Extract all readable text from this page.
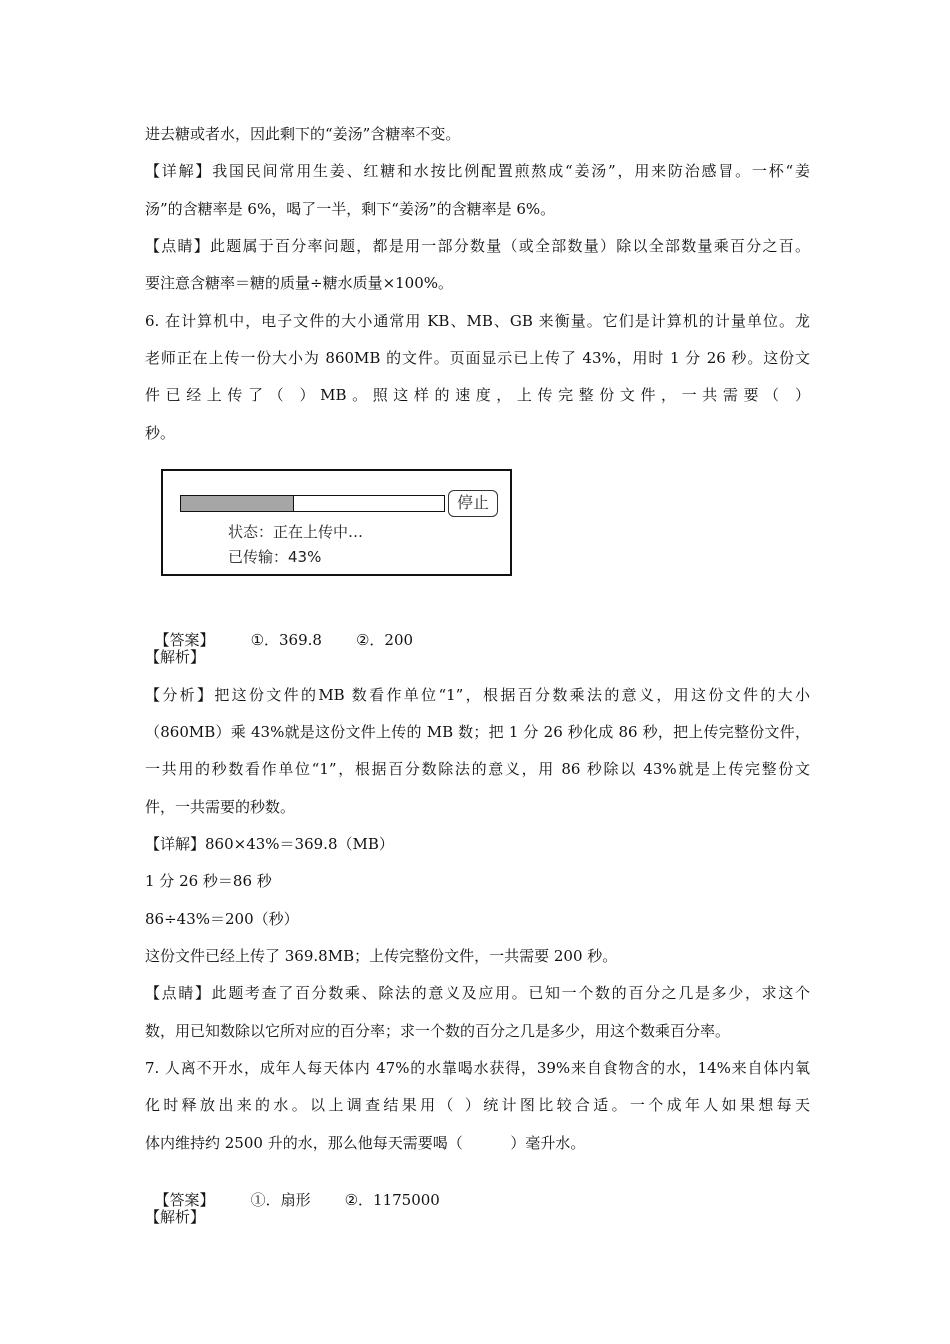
进去糖或者水，因此剩下的“姜汤”含糖率不变。

【详解】我国民间常用生姜、红糖和水按比例配置煎熬成“姜汤”，用来防治感冒。一杯“姜

汤”的含糖率是 6%，喝了一半，剩下“姜汤”的含糖率是 6%。

【点睛】此题属于百分率问题，都是用一部分数量（或全部数量）除以全部数量乘百分之百。

要注意含糖率＝糖的质量÷糖水质量×100%。

6. 在计算机中，电子文件的大小通常用 KB、MB、GB 来衡量。它们是计算机的计量单位。龙

老师正在上传一份大小为 860MB 的文件。页面显示已上传了 43%，用时 1 分 26 秒。这份文

件已经上传了（ ）MB。照这样的速度，上传完整份文件，一共需要（ ）

秒。

停止
状态：正在上传中…
已传输：43%

【答案】 ①．369.8 ②．200

【解析】

【分析】把这份文件的MB 数看作单位“1”，根据百分数乘法的意义，用这份文件的大小

（860MB）乘 43%就是这份文件上传的 MB 数；把 1 分 26 秒化成 86 秒，把上传完整份文件，

一共用的秒数看作单位“1”，根据百分数除法的意义，用 86 秒除以 43%就是上传完整份文

件，一共需要的秒数。

【详解】860×43%＝369.8（MB）

1 分 26 秒＝86 秒

86÷43%＝200（秒）

这份文件已经上传了 369.8MB；上传完整份文件，一共需要 200 秒。

【点睛】此题考查了百分数乘、除法的意义及应用。已知一个数的百分之几是多少，求这个

数，用已知数除以它所对应的百分率；求一个数的百分之几是多少，用这个数乘百分率。

7. 人离不开水，成年人每天体内 47%的水靠喝水获得，39%来自食物含的水，14%来自体内氧

化时释放出来的水。以上调查结果用（ ）统计图比较合适。一个成年人如果想每天

体内维持约 2500 升的水，那么他每天需要喝（          ）毫升水。

【答案】 ①．扇形 ②．1175000

【解析】
